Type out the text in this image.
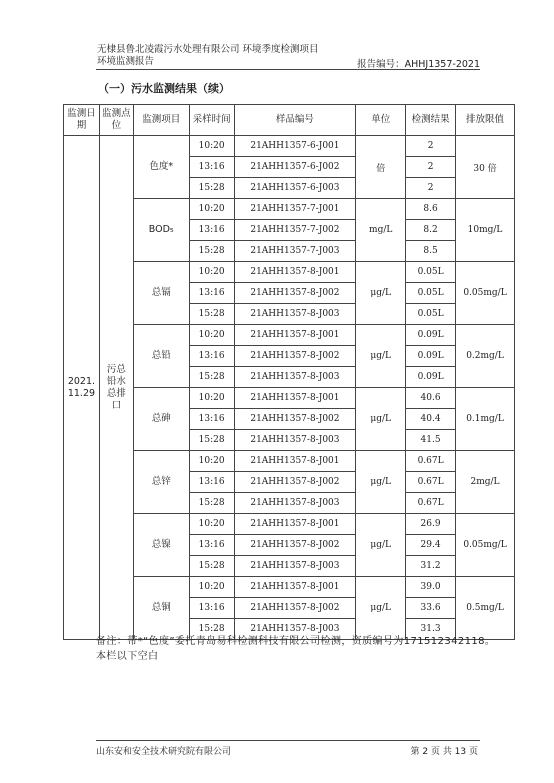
无棣县鲁北凌霞污水处理有限公司 环境季度检测项目
环境监测报告	报告编号：AHHJ1357-2021
（一）污水监测结果（续）
监测日期	监测点位	监测项目	采样时间	样品编号	单位	检测结果	排放限值
2021.11.29	污总铅水总排口	色度*	10:20	21AHH1357-6-J001	倍	2	30 倍
			13:16	21AHH1357-6-J002		2	
			15:28	21AHH1357-6-J003		2	
		BOD₅	10:20	21AHH1357-7-J001	mg/L	8.6	10mg/L
			13:16	21AHH1357-7-J002		8.2	
			15:28	21AHH1357-7-J003		8.5	
		总镉	10:20	21AHH1357-8-J001	μg/L	0.05L	0.05mg/L
			13:16	21AHH1357-8-J002		0.05L	
			15:28	21AHH1357-8-J003		0.05L	
		总铅	10:20	21AHH1357-8-J001	μg/L	0.09L	0.2mg/L
			13:16	21AHH1357-8-J002		0.09L	
			15:28	21AHH1357-8-J003		0.09L	
		总砷	10:20	21AHH1357-8-J001	μg/L	40.6	0.1mg/L
			13:16	21AHH1357-8-J002		40.4	
			15:28	21AHH1357-8-J003		41.5	
		总锌	10:20	21AHH1357-8-J001	μg/L	0.67L	2mg/L
			13:16	21AHH1357-8-J002		0.67L	
			15:28	21AHH1357-8-J003		0.67L	
		总镍	10:20	21AHH1357-8-J001	μg/L	26.9	0.05mg/L
			13:16	21AHH1357-8-J002		29.4	
			15:28	21AHH1357-8-J003		31.2	
		总铜	10:20	21AHH1357-8-J001	μg/L	39.0	0.5mg/L
			13:16	21AHH1357-8-J002		33.6	
			15:28	21AHH1357-8-J003		31.3	
备注：带*“色度”委托青岛易科检测科技有限公司检测，资质编号为171512342118。
本栏以下空白
山东安和安全技术研究院有限公司	第 2 页 共 13 页
